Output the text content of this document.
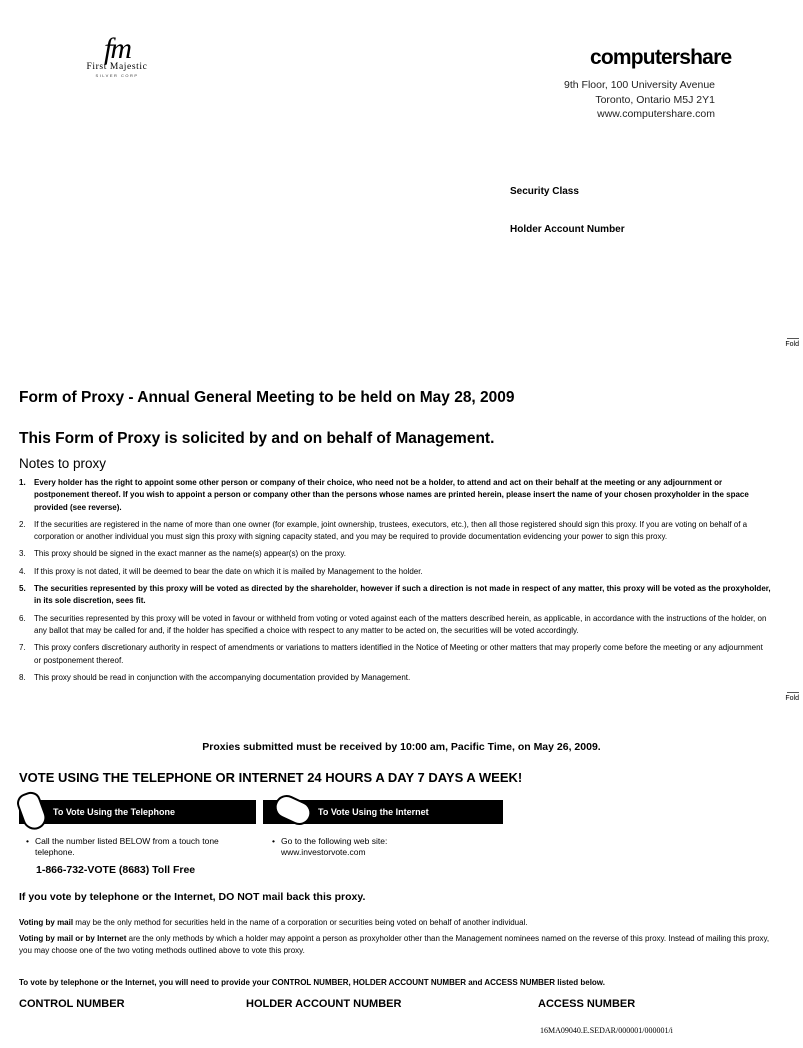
fm
First Majestic
SILVER CORP
computershare
9th Floor, 100 University Avenue
Toronto, Ontario M5J 2Y1
www.computershare.com
Security Class
Holder Account Number
Fold
Fold
Form of Proxy - Annual General Meeting to be held on May 28, 2009
This Form of Proxy is solicited by and on behalf of Management.
Notes to proxy
1. Every holder has the right to appoint some other person or company of their choice, who need not be a holder, to attend and act on their behalf at the meeting or any adjournment or postponement thereof. If you wish to appoint a person or company other than the persons whose names are printed herein, please insert the name of your chosen proxyholder in the space provided (see reverse).
2. If the securities are registered in the name of more than one owner (for example, joint ownership, trustees, executors, etc.), then all those registered should sign this proxy. If you are voting on behalf of a corporation or another individual you must sign this proxy with signing capacity stated, and you may be required to provide documentation evidencing your power to sign this proxy.
3. This proxy should be signed in the exact manner as the name(s) appear(s) on the proxy.
4. If this proxy is not dated, it will be deemed to bear the date on which it is mailed by Management to the holder.
5. The securities represented by this proxy will be voted as directed by the shareholder, however if such a direction is not made in respect of any matter, this proxy will be voted as the proxyholder, in its sole discretion, sees fit.
6. The securities represented by this proxy will be voted in favour or withheld from voting or voted against each of the matters described herein, as applicable, in accordance with the instructions of the holder, on any ballot that may be called for and, if the holder has specified a choice with respect to any matter to be acted on, the securities will be voted accordingly.
7. This proxy confers discretionary authority in respect of amendments or variations to matters identified in the Notice of Meeting or other matters that may properly come before the meeting or any adjournment or postponement thereof.
8. This proxy should be read in conjunction with the accompanying documentation provided by Management.
Proxies submitted must be received by 10:00 am, Pacific Time, on May 26, 2009.
VOTE USING THE TELEPHONE OR INTERNET 24 HOURS A DAY 7 DAYS A WEEK!
To Vote Using the Telephone	To Vote Using the Internet
• Call the number listed BELOW from a touch tone telephone.
• Go to the following web site:
www.investorvote.com
1-866-732-VOTE (8683) Toll Free
If you vote by telephone or the Internet, DO NOT mail back this proxy.
Voting by mail may be the only method for securities held in the name of a corporation or securities being voted on behalf of another individual.
Voting by mail or by Internet are the only methods by which a holder may appoint a person as proxyholder other than the Management nominees named on the reverse of this proxy. Instead of mailing this proxy, you may choose one of the two voting methods outlined above to vote this proxy.
To vote by telephone or the Internet, you will need to provide your CONTROL NUMBER, HOLDER ACCOUNT NUMBER and ACCESS NUMBER listed below.
CONTROL NUMBER	HOLDER ACCOUNT NUMBER	ACCESS NUMBER
16MA09040.E.SEDAR/000001/000001/i
